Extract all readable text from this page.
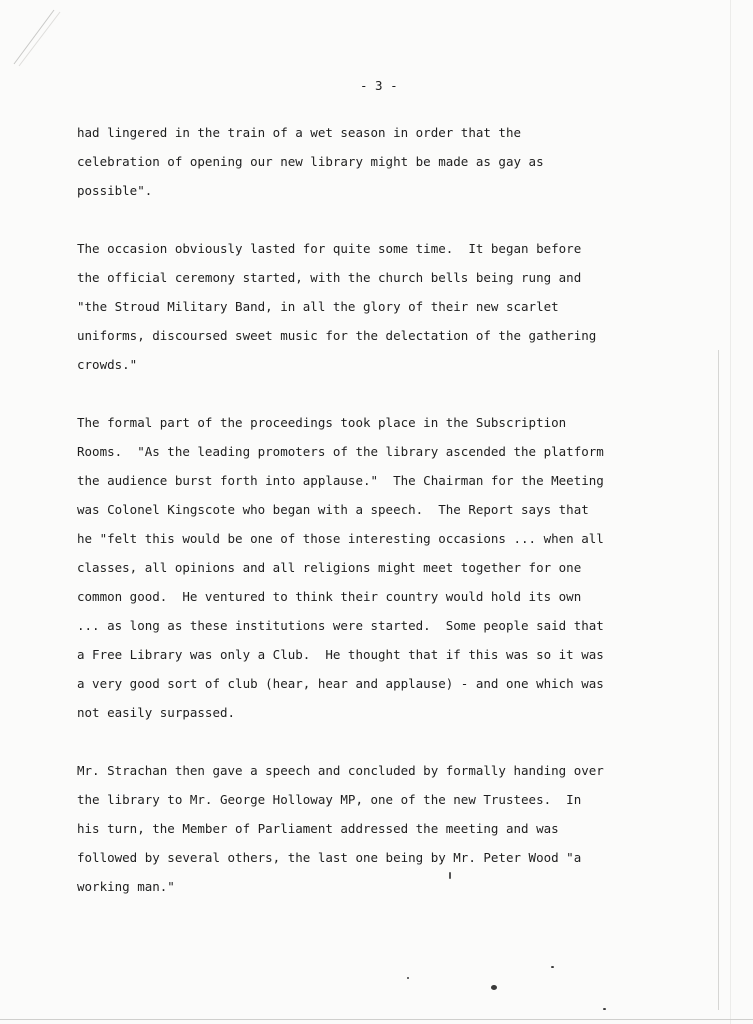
- 3 -

had lingered in the train of a wet season in order that the
celebration of opening our new library might be made as gay as
possible".

The occasion obviously lasted for quite some time.  It began before
the official ceremony started, with the church bells being rung and
"the Stroud Military Band, in all the glory of their new scarlet
uniforms, discoursed sweet music for the delectation of the gathering
crowds."

The formal part of the proceedings took place in the Subscription
Rooms.  "As the leading promoters of the library ascended the platform
the audience burst forth into applause."  The Chairman for the Meeting
was Colonel Kingscote who began with a speech.  The Report says that
he "felt this would be one of those interesting occasions ... when all
classes, all opinions and all religions might meet together for one
common good.  He ventured to think their country would hold its own
... as long as these institutions were started.  Some people said that
a Free Library was only a Club.  He thought that if this was so it was
a very good sort of club (hear, hear and applause) - and one which was
not easily surpassed.

Mr. Strachan then gave a speech and concluded by formally handing over
the library to Mr. George Holloway MP, one of the new Trustees.  In
his turn, the Member of Parliament addressed the meeting and was
followed by several others, the last one being by Mr. Peter Wood "a
working man."
